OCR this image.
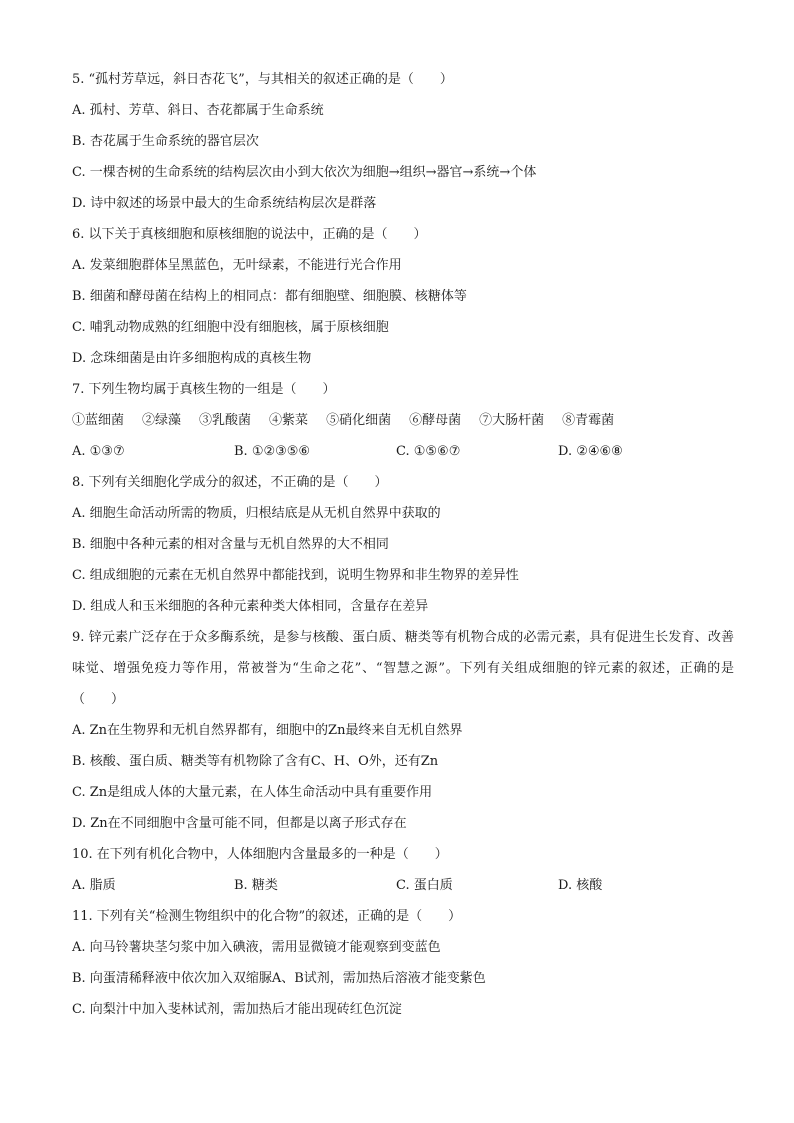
5. “孤村芳草远，斜日杏花飞”，与其相关的叙述正确的是（　　）
A. 孤村、芳草、斜日、杏花都属于生命系统
B. 杏花属于生命系统的器官层次
C. 一棵杏树的生命系统的结构层次由小到大依次为细胞→组织→器官→系统→个体
D. 诗中叙述的场景中最大的生命系统结构层次是群落
6. 以下关于真核细胞和原核细胞的说法中，正确的是（　　）
A. 发菜细胞群体呈黑蓝色，无叶绿素，不能进行光合作用
B. 细菌和酵母菌在结构上的相同点：都有细胞壁、细胞膜、核糖体等
C. 哺乳动物成熟的红细胞中没有细胞核，属于原核细胞
D. 念珠细菌是由许多细胞构成的真核生物
7. 下列生物均属于真核生物的一组是（　　）
①蓝细菌 ②绿藻 ③乳酸菌 ④紫菜 ⑤硝化细菌 ⑥酵母菌 ⑦大肠杆菌 ⑧青霉菌
A. ①③⑦	B. ①②③⑤⑥	C. ①⑤⑥⑦	D. ②④⑥⑧
8. 下列有关细胞化学成分的叙述，不正确的是（　　）
A. 细胞生命活动所需的物质，归根结底是从无机自然界中获取的
B. 细胞中各种元素的相对含量与无机自然界的大不相同
C. 组成细胞的元素在无机自然界中都能找到，说明生物界和非生物界的差异性
D. 组成人和玉米细胞的各种元素种类大体相同，含量存在差异
9. 锌元素广泛存在于众多酶系统，是参与核酸、蛋白质、糖类等有机物合成的必需元素，具有促进生长发育、改善味觉、增强免疫力等作用，常被誉为“生命之花”、“智慧之源”。下列有关组成细胞的锌元素的叙述，正确的是（　　）
A. Zn在生物界和无机自然界都有，细胞中的Zn最终来自无机自然界
B. 核酸、蛋白质、糖类等有机物除了含有C、H、O外，还有Zn
C. Zn是组成人体的大量元素，在人体生命活动中具有重要作用
D. Zn在不同细胞中含量可能不同，但都是以离子形式存在
10. 在下列有机化合物中，人体细胞内含量最多的一种是（　　）
A. 脂质	B. 糖类	C. 蛋白质	D. 核酸
11. 下列有关“检测生物组织中的化合物”的叙述，正确的是（　　）
A. 向马铃薯块茎匀浆中加入碘液，需用显微镜才能观察到变蓝色
B. 向蛋清稀释液中依次加入双缩脲A、B试剂，需加热后溶液才能变紫色
C. 向梨汁中加入斐林试剂，需加热后才能出现砖红色沉淀
